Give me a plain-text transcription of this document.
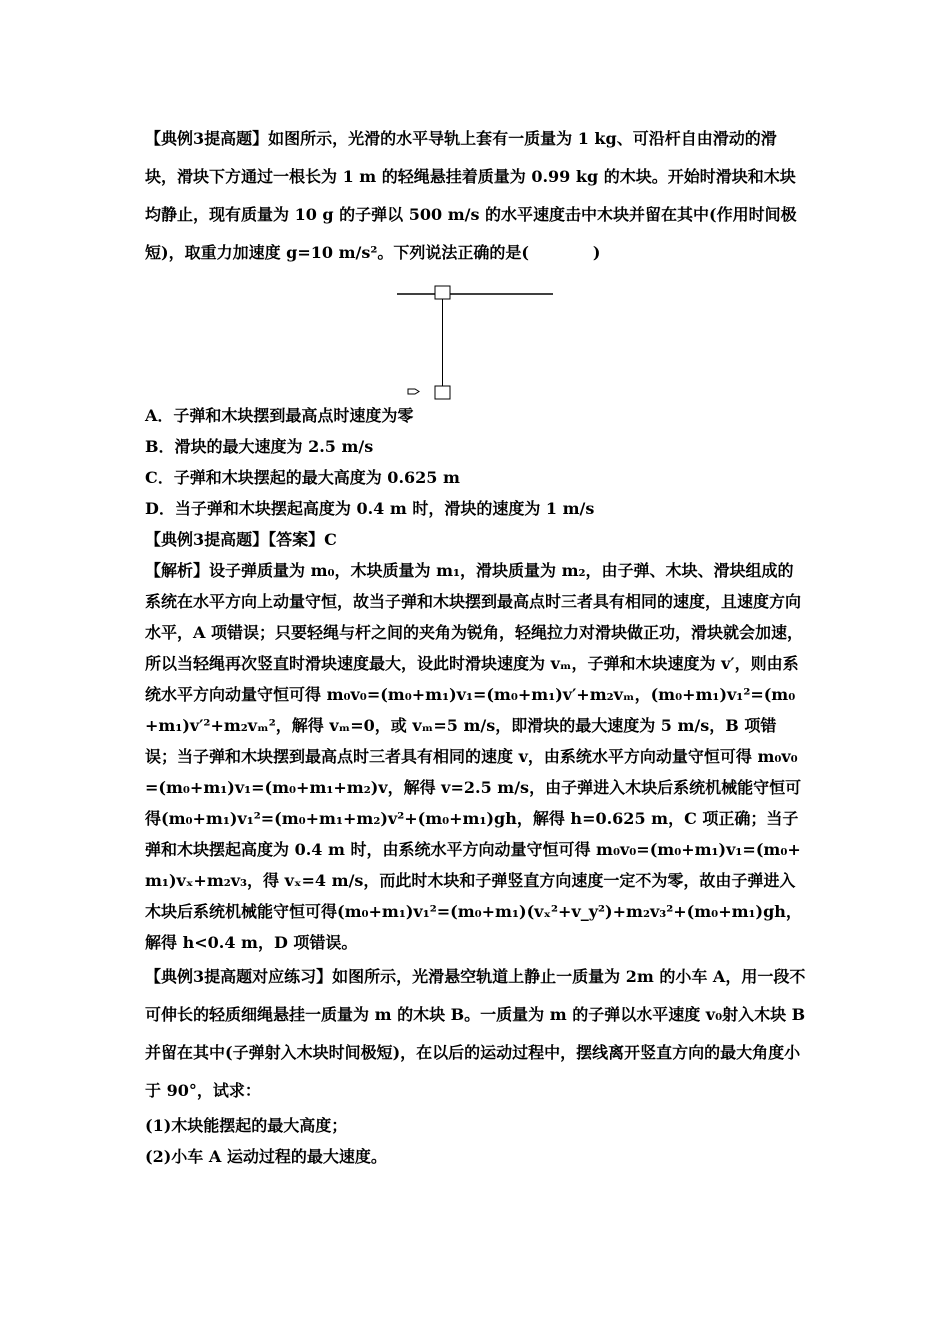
【典例3提高题】如图所示，光滑的水平导轨上套有一质量为 1 kg、可沿杆自由滑动的滑块，滑块下方通过一根长为 1 m 的轻绳悬挂着质量为 0.99 kg 的木块。开始时滑块和木块均静止，现有质量为 10 g 的子弹以 500 m/s 的水平速度击中木块并留在其中(作用时间极短)，取重力加速度 g=10 m/s²。下列说法正确的是(　　　　)

A．子弹和木块摆到最高点时速度为零

B．滑块的最大速度为 2.5 m/s

C．子弹和木块摆起的最大高度为 0.625 m

D．当子弹和木块摆起高度为 0.4 m 时，滑块的速度为 1 m/s

【典例3提高题】【答案】C

【解析】设子弹质量为 m₀，木块质量为 m₁，滑块质量为 m₂，由子弹、木块、滑块组成的系统在水平方向上动量守恒，故当子弹和木块摆到最高点时三者具有相同的速度，且速度方向水平，A 项错误；只要轻绳与杆之间的夹角为锐角，轻绳拉力对滑块做正功，滑块就会加速，所以当轻绳再次竖直时滑块速度最大，设此时滑块速度为 vₘ，子弹和木块速度为 v′，则由系统水平方向动量守恒可得 m₀v₀=(m₀+m₁)v₁=(m₀+m₁)v′+m₂vₘ，(m₀+m₁)v₁²=(m₀+m₁)v′²+m₂vₘ²，解得 vₘ=0，或 vₘ=5 m/s，即滑块的最大速度为 5 m/s，B 项错误；当子弹和木块摆到最高点时三者具有相同的速度 v，由系统水平方向动量守恒可得 m₀v₀=(m₀+m₁)v₁=(m₀+m₁+m₂)v，解得 v=2.5 m/s，由子弹进入木块后系统机械能守恒可得(m₀+m₁)v₁²=(m₀+m₁+m₂)v²+(m₀+m₁)gh，解得 h=0.625 m，C 项正确；当子弹和木块摆起高度为 0.4 m 时，由系统水平方向动量守恒可得 m₀v₀=(m₀+m₁)v₁=(m₀+m₁)vₓ+m₂v₃，得 vₓ=4 m/s，而此时木块和子弹竖直方向速度一定不为零，故由子弹进入木块后系统机械能守恒可得(m₀+m₁)v₁²=(m₀+m₁)(vₓ²+v_y²)+m₂v₃²+(m₀+m₁)gh，解得 h<0.4 m，D 项错误。

【典例3提高题对应练习】如图所示，光滑悬空轨道上静止一质量为 2m 的小车 A，用一段不可伸长的轻质细绳悬挂一质量为 m 的木块 B。一质量为 m 的子弹以水平速度 v₀射入木块 B 并留在其中(子弹射入木块时间极短)，在以后的运动过程中，摆线离开竖直方向的最大角度小于 90°，试求：

(1)木块能摆起的最大高度；

(2)小车 A 运动过程的最大速度。
